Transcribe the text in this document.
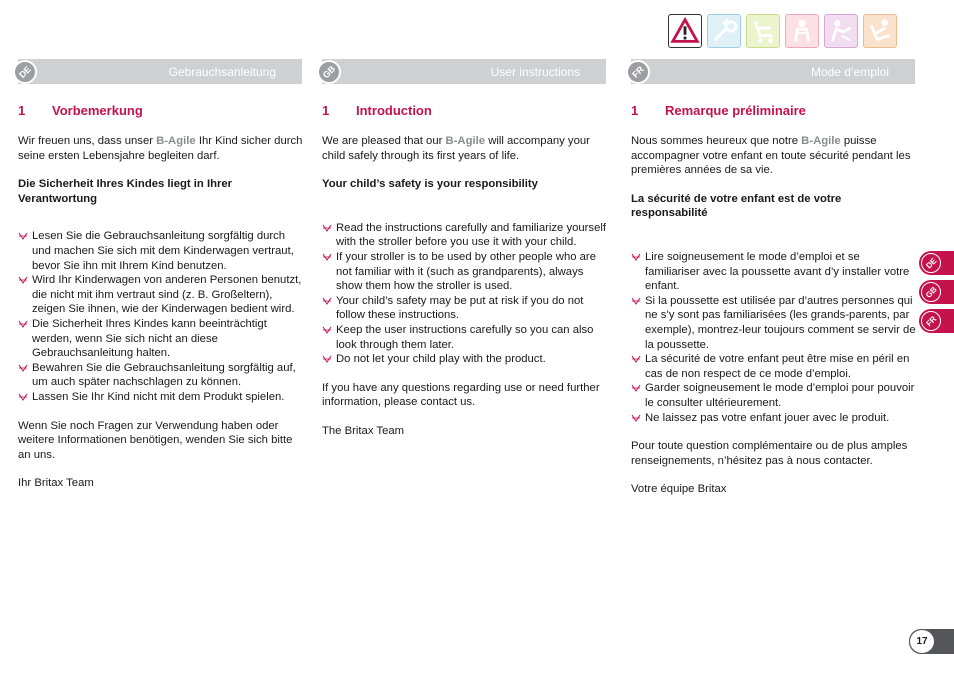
DE	Gebrauchsanleitung	GB	User instructions	FR	Mode d’emploi
1 Vorbemerkung	1 Introduction	1 Remarque préliminaire

Wir freuen uns, dass unser B-Agile Ihr Kind sicher durch seine ersten Lebensjahre begleiten darf.

Die Sicherheit Ihres Kindes liegt in Ihrer Verantwortung

Lesen Sie die Gebrauchsanleitung sorgfältig durch und machen Sie sich mit dem Kinderwagen vertraut, bevor Sie ihn mit Ihrem Kind benutzen.
Wird Ihr Kinderwagen von anderen Personen benutzt, die nicht mit ihm vertraut sind (z. B. Großeltern), zeigen Sie ihnen, wie der Kinderwagen bedient wird.
Die Sicherheit Ihres Kindes kann beeinträchtigt werden, wenn Sie sich nicht an diese Gebrauchsanleitung halten.
Bewahren Sie die Gebrauchsanleitung sorgfältig auf, um auch später nachschlagen zu können.
Lassen Sie Ihr Kind nicht mit dem Produkt spielen.

Wenn Sie noch Fragen zur Verwendung haben oder weitere Informationen benötigen, wenden Sie sich bitte an uns.

Ihr Britax Team

We are pleased that our B-Agile will accompany your child safely through its first years of life.

Your child’s safety is your responsibility

Read the instructions carefully and familiarize yourself with the stroller before you use it with your child.
If your stroller is to be used by other people who are not familiar with it (such as grandparents), always show them how the stroller is used.
Your child’s safety may be put at risk if you do not follow these instructions.
Keep the user instructions carefully so you can also look through them later.
Do not let your child play with the product.

If you have any questions regarding use or need further information, please contact us.

The Britax Team

Nous sommes heureux que notre B-Agile puisse accompagner votre enfant en toute sécurité pendant les premières années de sa vie.

La sécurité de votre enfant est de votre responsabilité

Lire soigneusement le mode d’emploi et se familiariser avec la poussette avant d’y installer votre enfant.
Si la poussette est utilisée par d’autres personnes qui ne s’y sont pas familiarisées (les grands-parents, par exemple), montrez-leur toujours comment se servir de la poussette.
La sécurité de votre enfant peut être mise en péril en cas de non respect de ce mode d’emploi.
Garder soigneusement le mode d’emploi pour pouvoir le consulter ultérieurement.
Ne laissez pas votre enfant jouer avec le produit.

Pour toute question complémentaire ou de plus amples renseignements, n’hésitez pas à nous contacter.

Votre équipe Britax

DE
GB
FR
17
